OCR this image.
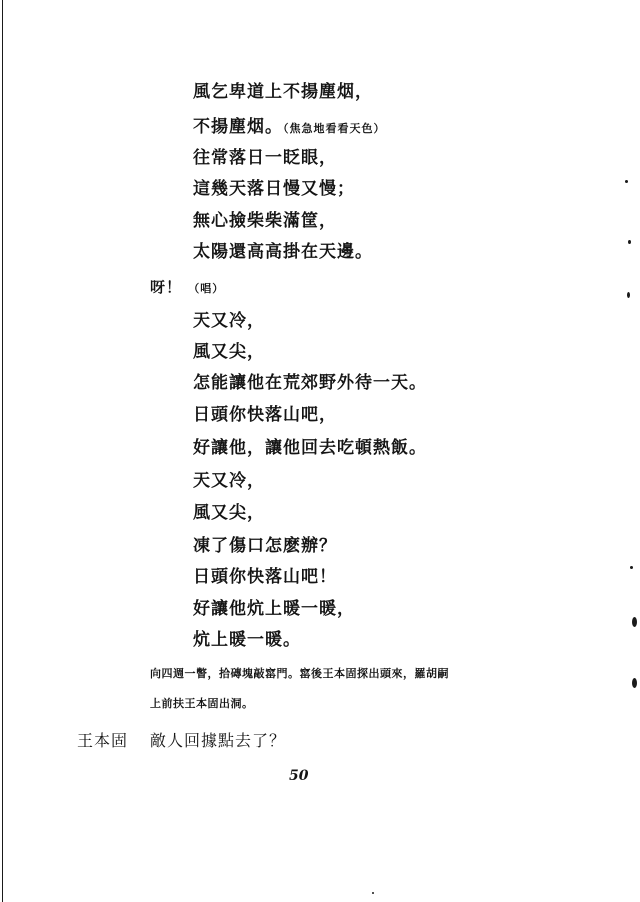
風乞卑道上不揚塵烟，
不揚塵烟。（焦急地看看天色）
往常落日一眨眼，
這幾天落日慢又慢；
無心撿柴柴滿筐，
太陽還高高掛在天邊。
呀！ （唱）
天又冷，
風又尖，
怎能讓他在荒郊野外待一天。
日頭你快落山吧，
好讓他，讓他回去吃頓熱飯。
天又冷，
風又尖，
凍了傷口怎麽辦？
日頭你快落山吧！
好讓他炕上暖一暖，
炕上暖一暖。
向四週一瞥，拾磚塊敲窰門。窰後王本固探出頭來，羅胡嗣
上前扶王本固出洞。
王本固 敵人回據點去了？
50
